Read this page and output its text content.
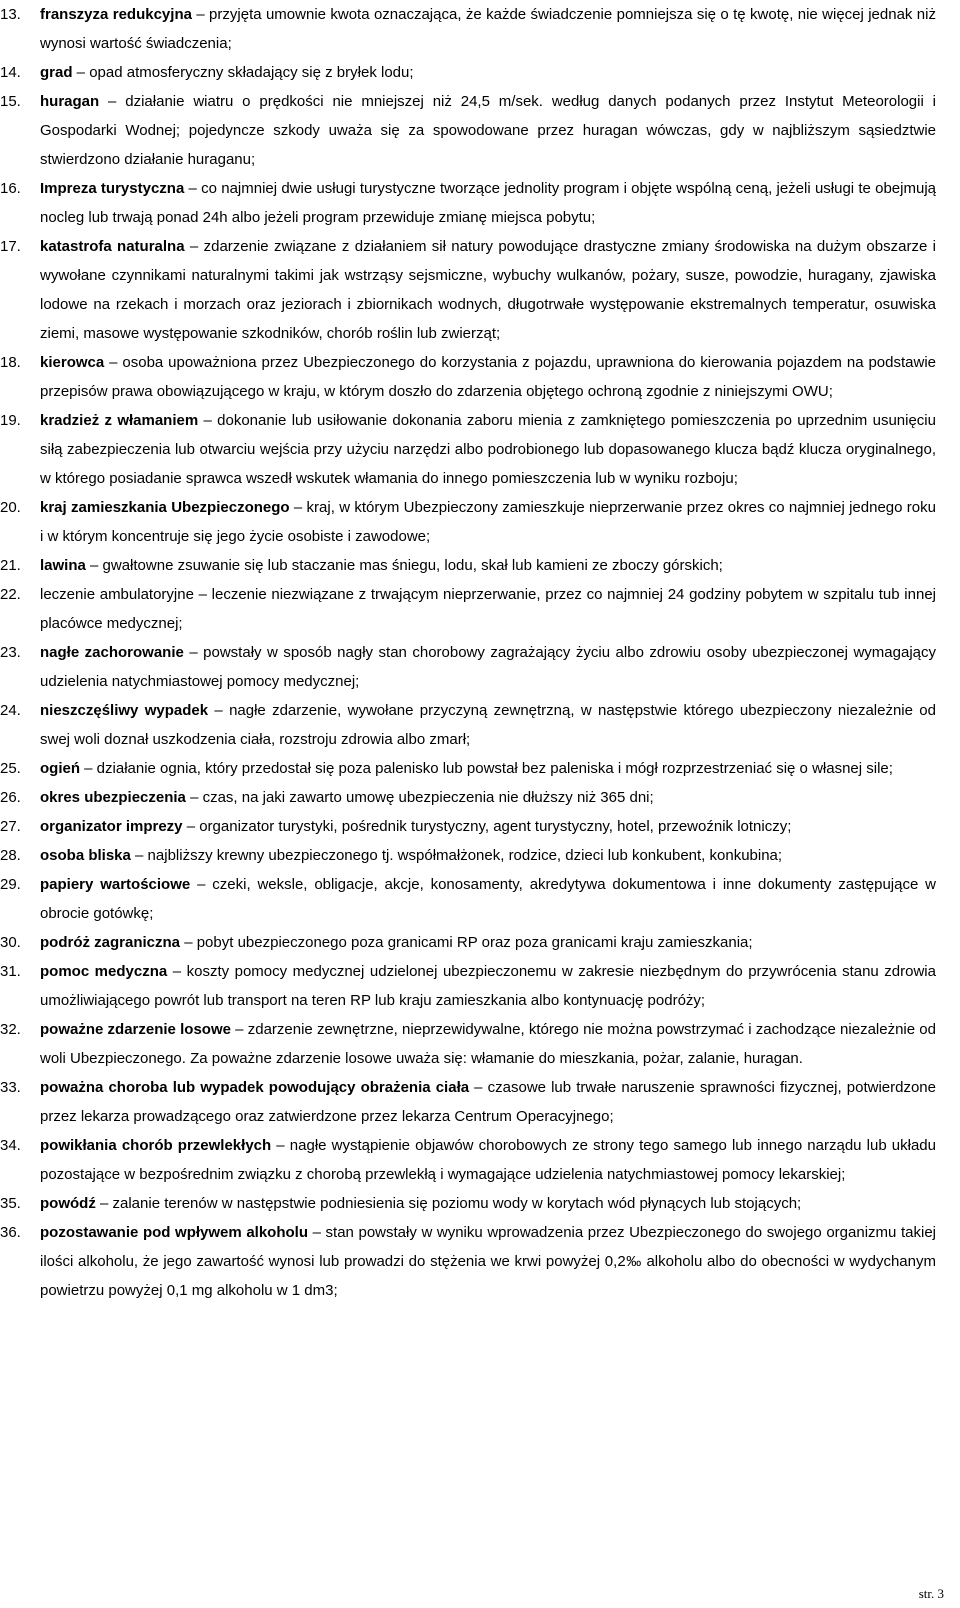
13.	franszyza redukcyjna – przyjęta umownie kwota oznaczająca, że każde świadczenie pomniejsza się o tę kwotę, nie więcej jednak niż wynosi wartość świadczenia;
14.	grad – opad atmosferyczny składający się z bryłek lodu;
15.	huragan – działanie wiatru o prędkości nie mniejszej niż 24,5 m/sek. według danych podanych przez Instytut Meteorologii i Gospodarki Wodnej; pojedyncze szkody uważa się za spowodowane przez huragan wówczas, gdy w najbliższym sąsiedztwie stwierdzono działanie huraganu;
16.	Impreza turystyczna – co najmniej dwie usługi turystyczne tworzące jednolity program i objęte wspólną ceną, jeżeli usługi te obejmują nocleg lub trwają ponad 24h albo jeżeli program przewiduje zmianę miejsca pobytu;
17.	katastrofa naturalna – zdarzenie związane z działaniem sił natury powodujące drastyczne zmiany środowiska na dużym obszarze i wywołane czynnikami naturalnymi takimi jak wstrząsy sejsmiczne, wybuchy wulkanów, pożary, susze, powodzie, huragany, zjawiska lodowe na rzekach i morzach oraz jeziorach i zbiornikach wodnych, długotrwałe występowanie ekstremalnych temperatur, osuwiska ziemi, masowe występowanie szkodników, chorób roślin lub zwierząt;
18.	kierowca – osoba upoważniona przez Ubezpieczonego do korzystania z pojazdu, uprawniona do kierowania pojazdem na podstawie przepisów prawa obowiązującego w kraju, w którym doszło do zdarzenia objętego ochroną zgodnie z niniejszymi OWU;
19.	kradzież z włamaniem – dokonanie lub usiłowanie dokonania zaboru mienia z zamkniętego pomieszczenia po uprzednim usunięciu siłą zabezpieczenia lub otwarciu wejścia przy użyciu narzędzi albo podrobionego lub dopasowanego klucza bądź klucza oryginalnego, w którego posiadanie sprawca wszedł wskutek włamania do innego pomieszczenia lub w wyniku rozboju;
20.	kraj zamieszkania Ubezpieczonego – kraj, w którym Ubezpieczony zamieszkuje nieprzerwanie przez okres co najmniej jednego roku i w którym koncentruje się jego życie osobiste i zawodowe;
21.	lawina – gwałtowne zsuwanie się lub staczanie mas śniegu, lodu, skał lub kamieni ze zboczy górskich;
22.	leczenie ambulatoryjne – leczenie niezwiązane z trwającym nieprzerwanie, przez co najmniej 24 godziny pobytem w szpitalu tub innej placówce medycznej;
23.	nagłe zachorowanie – powstały w sposób nagły stan chorobowy zagrażający życiu albo zdrowiu osoby ubezpieczonej wymagający udzielenia natychmiastowej pomocy medycznej;
24.	nieszczęśliwy wypadek – nagłe zdarzenie, wywołane przyczyną zewnętrzną, w następstwie którego ubezpieczony niezależnie od swej woli doznał uszkodzenia ciała, rozstroju zdrowia albo zmarł;
25.	ogień – działanie ognia, który przedostał się poza palenisko lub powstał bez paleniska i mógł rozprzestrzeniać się o własnej sile;
26.	okres ubezpieczenia – czas, na jaki zawarto umowę ubezpieczenia nie dłuższy niż 365 dni;
27.	organizator imprezy – organizator turystyki, pośrednik turystyczny, agent turystyczny, hotel, przewoźnik lotniczy;
28.	osoba bliska – najbliższy krewny ubezpieczonego tj. współmałżonek, rodzice, dzieci lub konkubent, konkubina;
29.	papiery wartościowe – czeki, weksle, obligacje, akcje, konosamenty, akredytywa dokumentowa i inne dokumenty zastępujące w obrocie gotówkę;
30.	podróż zagraniczna – pobyt ubezpieczonego poza granicami RP oraz poza granicami kraju zamieszkania;
31.	pomoc medyczna – koszty pomocy medycznej udzielonej ubezpieczonemu w zakresie niezbędnym do przywrócenia stanu zdrowia umożliwiającego powrót lub transport na teren RP lub kraju zamieszkania albo kontynuację podróży;
32.	poważne zdarzenie losowe – zdarzenie zewnętrzne, nieprzewidywalne, którego nie można powstrzymać i zachodzące niezależnie od woli Ubezpieczonego. Za poważne zdarzenie losowe uważa się: włamanie do mieszkania, pożar, zalanie, huragan.
33.	poważna choroba lub wypadek powodujący obrażenia ciała – czasowe lub trwałe naruszenie sprawności fizycznej, potwierdzone przez lekarza prowadzącego oraz zatwierdzone przez lekarza Centrum Operacyjnego;
34.	powikłania chorób przewlekłych – nagłe wystąpienie objawów chorobowych ze strony tego samego lub innego narządu lub układu pozostające w bezpośrednim związku z chorobą przewlekłą i wymagające udzielenia natychmiastowej pomocy lekarskiej;
35.	powódź – zalanie terenów w następstwie podniesienia się poziomu wody w korytach wód płynących lub stojących;
36.	pozostawanie pod wpływem alkoholu – stan powstały w wyniku wprowadzenia przez Ubezpieczonego do swojego organizmu takiej ilości alkoholu, że jego zawartość wynosi lub prowadzi do stężenia we krwi powyżej 0,2‰ alkoholu albo do obecności w wydychanym powietrzu powyżej 0,1 mg alkoholu w 1 dm3;
str. 3
